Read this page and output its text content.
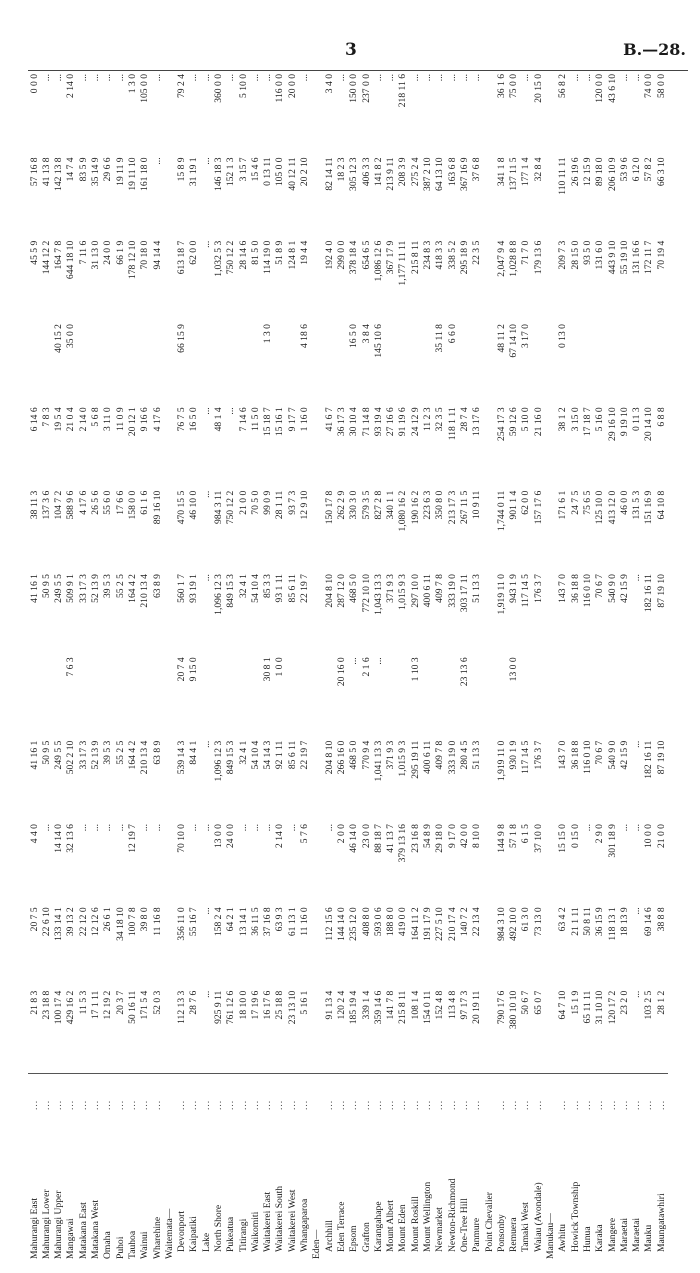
3	B.—28.
Mahurangi East	...	21 8 3	20 7 5	4 4 0	41 16 1		41 16 1	38 11 3	6 14 6		45 5 9	57 16 8	0 0 0
Mahurangi Lower	...	23 18 8	22 6 10	...	50 9 5		50 9 5	137 3 6	7 8 3		144 12 2	41 13 8	...
Mahurangi Upper	...	100 17 4	133 14 1	14 14 0	249 5 5		249 5 5	104 7 2	19 5 4	40 15 2	164 7 8	142 13 8	...
Mangawai	...	429 16 2	39 13 2	32 13 6	502 2 10	7 6 3	509 9 1	588 9 6	21 0 4	35 0 0	644 18 10	14 7 4	2 14 0
Matakana East	...	11 5 3	22 12 0	...	33 17 3		33 17 3	4 17 6	2 14 0		7 11 6	83 5 9	...
Matakana West	...	17 1 11	12 12 6	...	52 13 9		52 13 9	26 5 6	5 6 8		31 13 0	35 14 9	...
Omaha	...	12 19 2	26 6 1	...	39 5 3		39 5 3	55 6 0	3 11 0		24 0 0	29 6 6	...
Puhoi	...	20 3 7	34 18 10	...	55 2 5		55 2 5	17 6 6	11 0 9		66 1 9	19 11 9	...
Tauhoa	...	50 16 11	100 7 8	12 19 7	164 4 2		164 4 2	158 0 0	20 12 1		178 12 10	19 11 10	1 3 0
Wainui	...	171 5 4	39 8 0	...	210 13 4		210 13 4	61 1 6	9 16 6		70 18 0	161 18 0	105 0 0
Wharehine	...	52 0 3	11 16 8	...	63 8 9		63 8 9	89 16 10	4 17 6		94 14 4	...	...
Waitemata—													
Devonport	...	112 13 3	356 11 0	70 10 0	539 14 3	20 7 4	560 1 7	470 15 5	76 7 5	66 15 9	613 18 7	15 8 9	79 2 4
Kaipatiki	...	28 7 6	55 16 7	...	84 4 1	9 15 0	93 19 1	46 10 0	16 5 0		62 0 0	31 19 1	...
Lake	...	...	...	...	...		...	...	...		...	...	...
North Shore	...	925 9 11	158 2 4	13 0 0	1,096 12 3		1,096 12 3	984 3 11	48 1 4		1,032 5 3	146 18 3	360 0 0
Pukeatua	...	761 12 6	64 2 1	24 0 0	849 15 3		849 15 3	750 12 2	...		750 12 2	152 1 3	...
Titirangi	...	18 10 0	13 14 1	...	32 4 1		32 4 1	21 0 0	7 14 6		28 14 6	3 15 7	5 10 0
Waikomiti	...	17 19 6	36 11 5	...	54 10 4		54 10 4	70 5 0	11 5 0		81 5 0	15 4 6	...
Waitakerei East	...	16 17 6	37 16 8	...	54 14 3	30 8 1	85 3 3	99 0 9	15 18 7	1 3 0	114 19 0	0 13 11	...
Waitakerei South	...	25 18 8	63 9 3	2 14 0	92 1 11	1 0 0	93 1 11	28 1 11	15 16 1		51 8 9	105 0 0	116 0 0
Waitakerei West	...	23 13 10	61 13 1	...	85 6 11		85 6 11	93 7 3	9 17 7		124 8 1	40 12 11	20 0 0
Whangaparoa	...	5 16 1	11 16 0	5 7 6	22 19 7		22 19 7	12 9 10	1 16 0	4 18 6	19 4 4	20 2 10	...
Eden—													
Archhill	...	91 13 4	112 15 6	...	204 8 10		204 8 10	150 17 8	41 6 7		192 4 0	82 14 11	3 4 0
Eden Terrace	...	120 2 4	144 14 0	2 0 0	266 16 0	20 16 0	287 12 0	262 2 9	36 17 3		299 0 0	18 2 3	...
Epsom	...	185 19 4	235 12 0	46 14 0	468 5 0	...	468 5 0	330 3 0	30 10 4	16 5 0	378 18 4	305 12 3	150 0 0
Grafton	...	339 1 4	408 8 0	23 0 0	770 9 4	2 1 6	772 10 10	579 3 5	71 14 8	3 8 4	654 6 5	406 3 3	237 0 0
Karangahape	...	359 14 6	593 0 6	88 18 7	1,041 13 3	...	1,043 13 3	827 2 8	93 19 4	145 10 6	1,086 12 6	141 8 2	...
Mount Albert	...	141 7 8	188 8 0	41 13 7	371 9 3		371 9 3	340 1 1	27 16 6		367 17 9	213 9 11	...
Mount Eden	...	215 8 11	419 0 0	379 13 16	1,015 9 3		1,015 9 3	1,080 16 2	91 19 6		1,177 11 11	208 3 9	218 11 6
Mount Roskill	...	108 1 4	164 11 2	23 16 8	295 19 11	1 10 3	297 10 0	190 16 2	24 12 9		215 8 11	275 2 4	...
Mount Wellington	...	154 0 11	191 17 9	54 8 9	400 6 11		400 6 11	223 6 3	11 2 3		234 8 3	387 2 10	...
Newmarket	...	152 4 8	227 5 10	29 18 0	409 7 8		409 7 8	350 8 0	32 3 5	35 11 8	418 3 3	64 13 10	...
Newton-Richmond	...	113 4 8	210 17 4	9 17 0	333 19 0		333 19 0	213 17 3	118 1 11	6 6 0	338 5 2	163 6 8	...
One-Tree Hill	...	97 17 3	140 7 2	42 0 0	280 4 5	23 13 6	303 17 11	267 11 5	28 7 4		295 18 9	367 16 9	...
Panmure	...	20 19 11	22 13 4	8 10 0	51 13 3		51 13 3	10 9 11	13 17 6		22 3 5	37 6 8	...
Point Chevalier													
Ponsonby	...	790 17 6	984 3 10	144 9 8	1,919 11 0		1,919 11 0	1,744 0 11	254 17 3	48 11 2	2,047 9 4	341 1 8	36 1 6
Remuera	...	380 10 10	492 10 0	57 1 8	930 1 9	13 0 0	943 1 9	901 1 4	59 12 6	67 14 10	1,028 8 8	137 11 5	75 0 0
Tamaki West	...	50 6 7	61 3 0	6 1 5	117 14 5		117 14 5	62 0 0	5 10 0	3 17 0	71 7 0	177 1 4	...
Waiau (Avondale)	...	65 0 7	73 13 0	37 10 0	176 3 7		176 3 7	157 17 6	21 16 0		179 13 6	32 8 4	20 15 0
Manukau—													
Awhitu	...	64 7 10	63 4 2	15 15 0	143 7 0		143 7 0	171 6 1	38 1 2	0 13 0	209 7 3	110 11 11	56 8 2
Howick Township	...	15 1 9	21 1 11	0 15 0	36 18 8		36 18 8	24 7 5	3 15 0		28 15 0	26 19 6	...
Hunua	...	65 11 11	50 8 11	...	116 0 10		116 0 10	75 6 5	17 18 7		93 5 0	12 15 9	...
Karaka	...	31 10 10	36 15 9	2 9 0	70 6 7		70 6 7	125 10 0	5 16 0		131 6 0	89 18 0	120 0 0
Mangere	...	120 17 2	118 13 1	301 18 9	540 9 0		540 9 0	413 12 0	29 16 10		443 9 10	206 10 9	43 6 10
Maraetai	...	23 2 0	18 13 9	...	42 15 9		42 15 9	46 0 0	9 19 10		55 19 10	53 9 6	...
Maraetai	...	...	...	...	...		...	131 5 3	0 11 3		131 16 6	6 12 0	...
Mauku	...	103 2 5	69 14 6	10 0 0	182 16 11		182 16 11	151 16 9	20 14 10		172 11 7	57 8 2	74 0 0
Maungatawhiri	...	28 1 2	38 8 8	21 0 0	87 19 10		87 19 10	64 10 8	6 8 8		70 19 4	66 3 10	58 0 0
